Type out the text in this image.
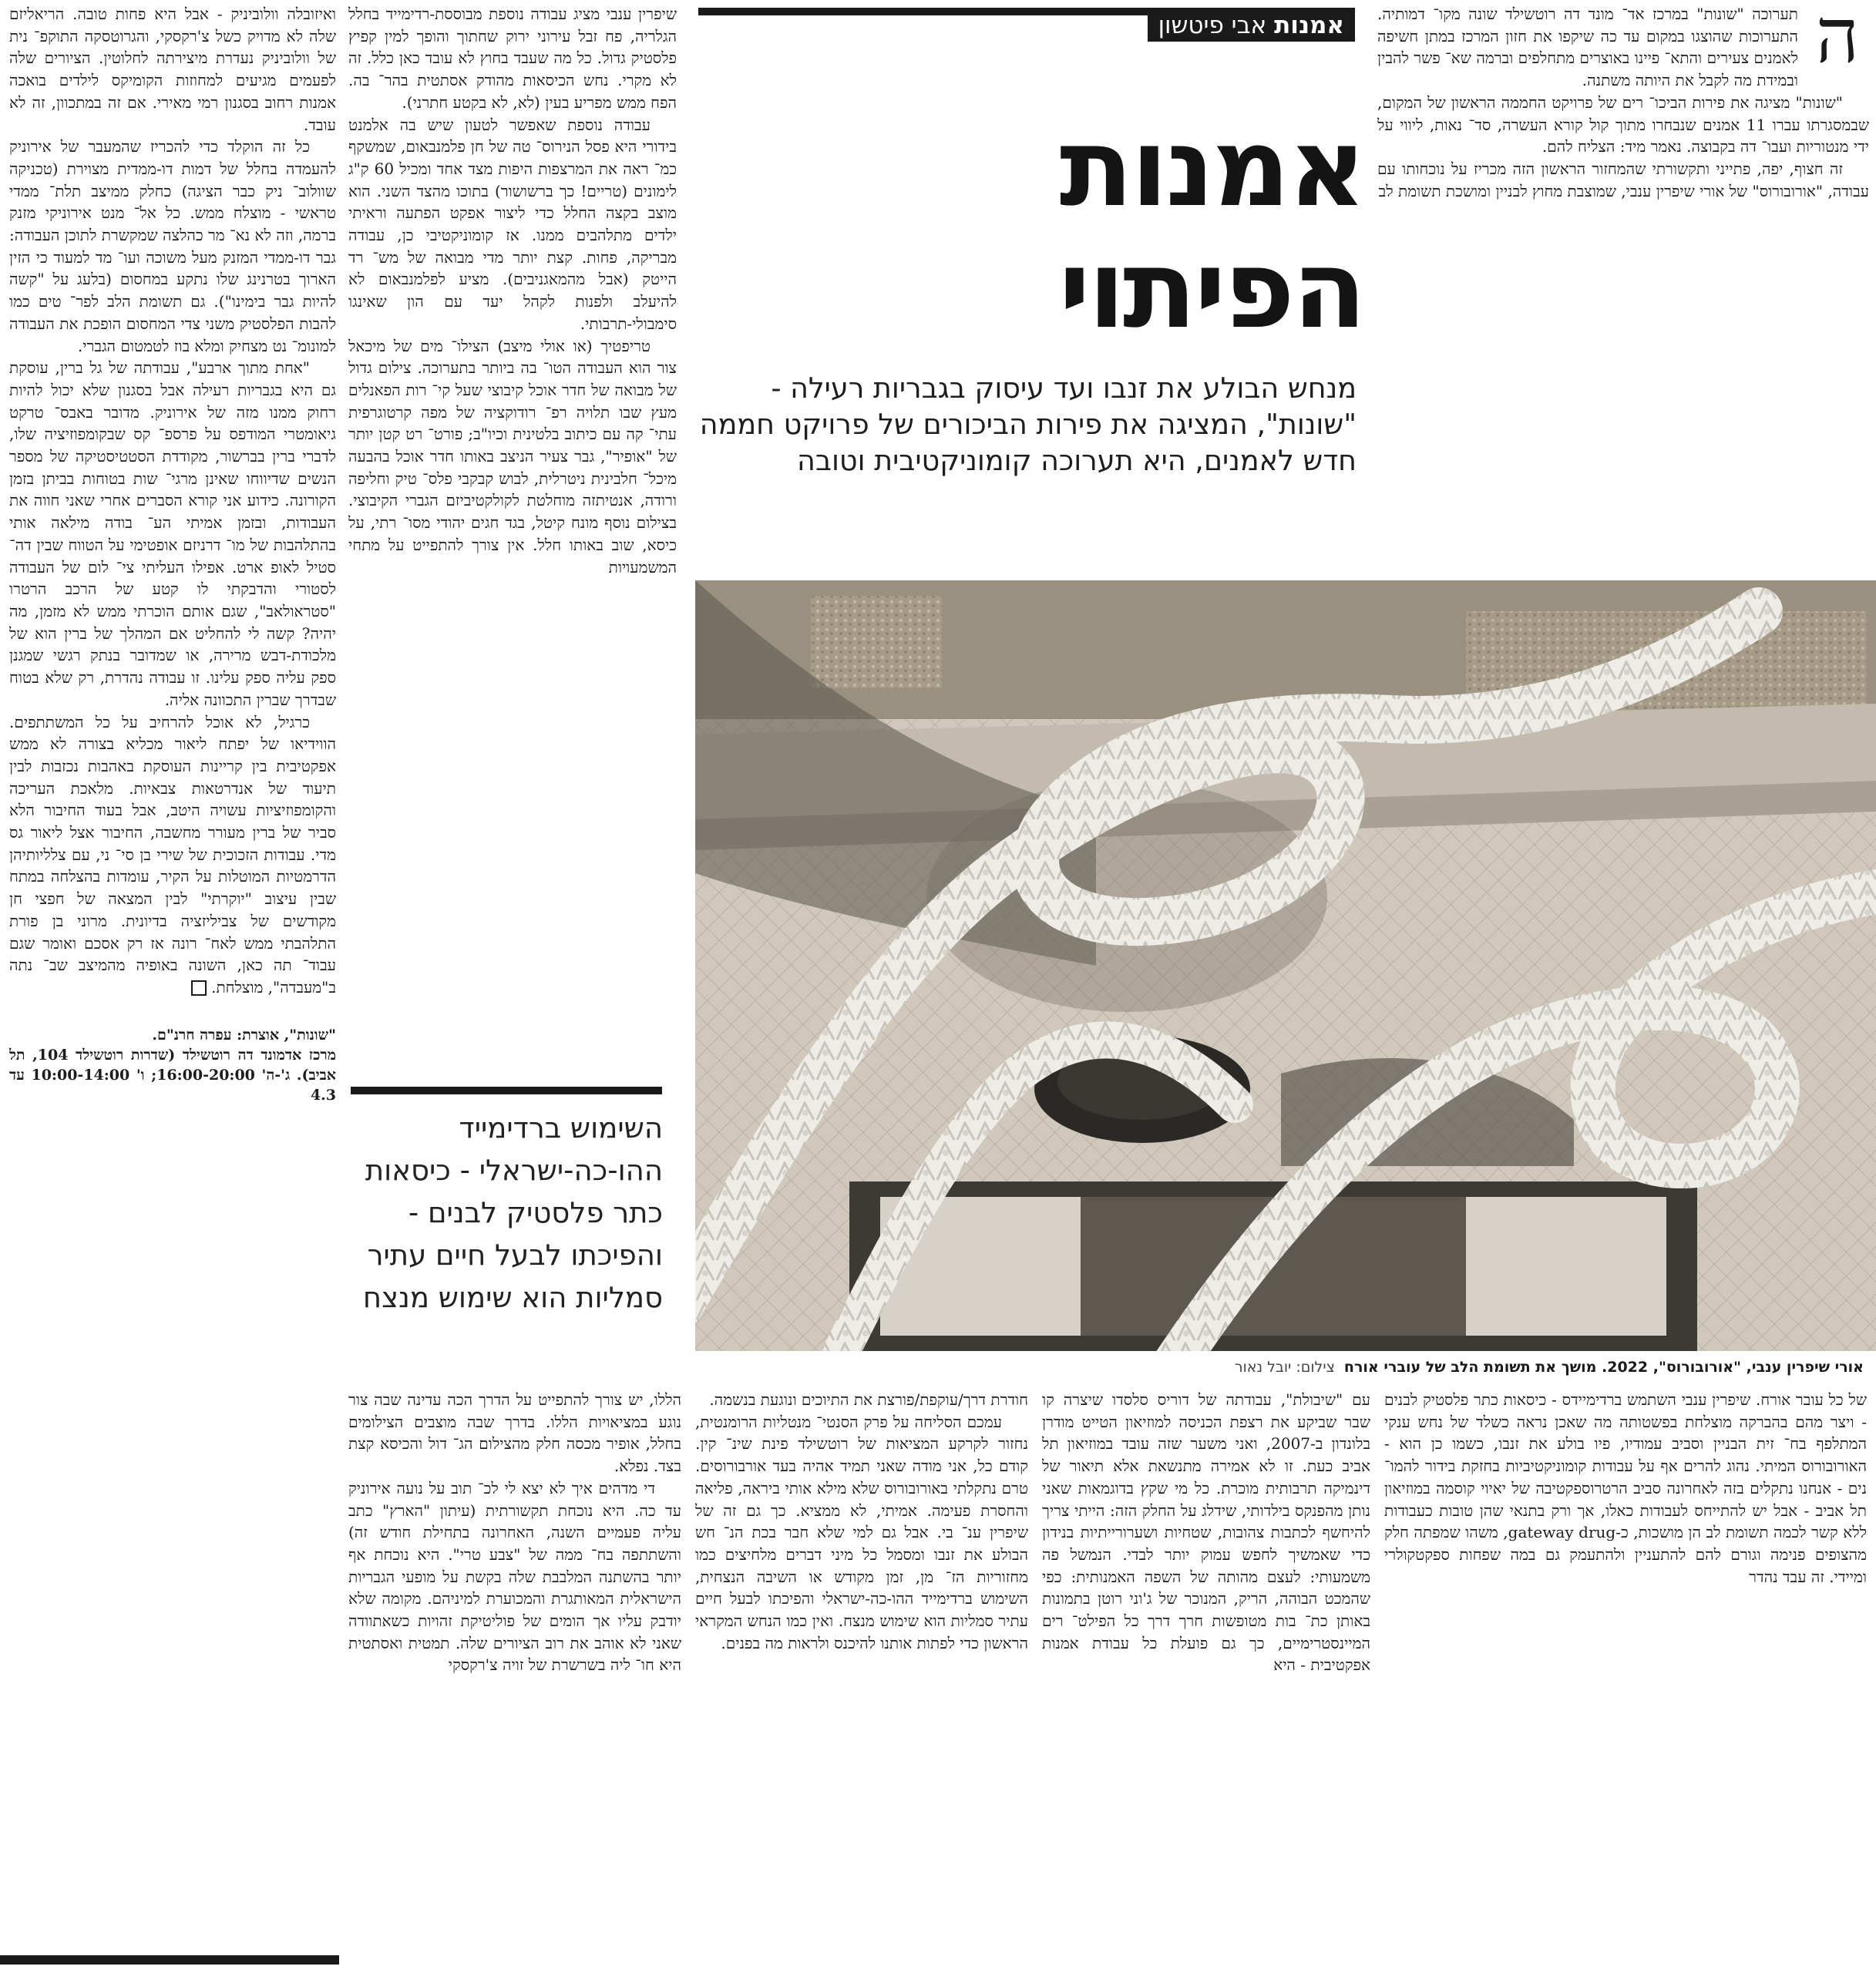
ה

תערוכה "שונות" במרכז אד־ מונד דה רוטשילד שונה מקו־ דמותיה. התערוכות שהוצגו במקום עד כה שיקפו את חזון המרכז במתן חשיפה לאמנים צעירים והתא־ פיינו באוצרים מתחלפים וברמה שא־ פשר להבין ובמידת מה לקבל את היותה משתנה.

"שונות" מציגה את פירות הביכו־ רים של פרויקט החממה הראשון של המקום, שבמסגרתו עברו 11 אמנים שנבחרו מתוך קול קורא העשרה, סד־ נאות, ליווי על ידי מנטוריות ועבו־ דה בקבוצה. נאמר מיד: הצליח להם.

זה חצוף, יפה, פתייני ותקשורתי שהמחזור הראשון הזה מכריז על נוכחותו עם עבודה, "אורובורוס" של אורי שיפרין ענבי, שמוצבת מחוץ לבניין ומושכת תשומת לב

אמנות אבי פיטשון
אמנות
הפיתוי
מנחש הבולע את זנבו ועד עיסוק בגבריות רעילה - "שונות", המציגה את פירות הביכורים של פרויקט חממה חדש לאמנים, היא תערוכה קומוניקטיבית וטובה

שיפרין ענבי מציג עבודה נוספת מבוססת-רדימייד בחלל הגלריה, פח זבל עירוני ירוק שחתוך והופך למין קפיץ פלסטיק גדול. כל מה שעבד בחוץ לא עובד כאן כלל. זה לא מקרי. נחש הכיסאות מהודק אסתטית בהר־ בה. הפח ממש מפריע בעין (לא, לא בקטע חתרני).

עבודה נוספת שאפשר לטעון שיש בה אלמנט בידורי היא פסל הנירוס־ טה של חן פלמנבאום, שמשקף כמ־ ראה את המרצפות היפות מצד אחד ומכיל 60 ק"ג לימונים (טריים! כך ברשושור) בתוכו מהצד השני. הוא מוצב בקצה החלל כדי ליצור אפקט הפתעה וראיתי ילדים מתלהבים ממנו. אז קומוניקטיבי כן, עבודה מבריקה, פחות. קצת יותר מדי מבואה של מש־ רד הייטק (אבל מהמאגניבים). מציע לפלמנבאום לא להיעלב ולפנות לקהל יעד עם הון שאינגו סימבולי-תרבותי.

טריפטיך (או אולי מיצב) הצילו־ מים של מיכאל צור הוא העבודה הטו־ בה ביותר בתערוכה. צילום גדול של מבואה של חדר אוכל קיבוצי שעל קי־ רות הפאנלים מעץ שבו תלויה רפ־ רודוקציה של מפה קרטוגרפית עתי־ קה עם כיתוב בלטינית וכיו"ב; פורט־ רט קטן יותר של "אופיר", גבר צעיר הניצב באותו חדר אוכל בהבעה מיכל־ חלבינית ניטרלית, לבוש קבקבי פלס־ טיק וחליפה ורודה, אנטיתזה מוחלטת לקולקטיביזם הגברי הקיבוצי. בצילום נוסף מונח קיטל, בגד חגים יהודי מסו־ רתי, על כיסא, שוב באותו חלל. אין צורך להתפייט על מתחי המשמעויות

ואיזובלה וולוביניק - אבל היא פחות טובה. הריאליזם שלה לא מדויק כשל צ'רקסקי, והגרוטסקה התוקפ־ נית של וולוביניק נעדרת מיצירתה לחלוטין. הציורים שלה לפעמים מגיעים למחוזות הקומיקס לילדים בואכה אמנות רחוב בסגנון רמי מאירי. אם זה במתכוון, זה לא עובד.

כל זה הוקלד כדי להכריז שהמעבר של אירוניק להעמדה בחלל של דמות דו-ממדית מצוירת (טכניקה שוולוב־ ניק כבר הציגה) כחלק ממיצב תלת־ ממדי טראשי - מוצלח ממש. כל אל־ מנט אירוניקי מזנק ברמה, וזה לא נא־ מר כהלצה שמקשרת לתוכן העבודה: גבר דו-ממדי המזנק מעל משוכה ועו־ מד למעוד כי הזין הארוך בטרנינג שלו נתקע במחסום (בלעג על "קשה להיות גבר בימינו"). גם תשומת הלב לפר־ טים כמו להבות הפלסטיק משני צדי המחסום הופכת את העבודה למונומ־ נט מצחיק ומלא בוז לטמטום הגברי.

"אחת מתוך ארבע", עבודתה של גל ברין, עוסקת גם היא בגבריות רעילה אבל בסגנון שלא יכול להיות רחוק ממנו מזה של אירוניק. מדובר באבס־ טרקט גיאומטרי המודפס על פרספ־ קס שבקומפוזיציה שלו, לדברי ברין בברשור, מקודדת הסטטיסטיקה של מספר הנשים שדיווחו שאינן מרגי־ שות בטוחות בביתן בזמן הקורונה. כידוע אני קורא הסברים אחרי שאני חווה את העבודות, ובזמן אמיתי הע־ בודה מילאה אותי בהתלהבות של מו־ דרניזם אופטימי על הטווח שבין דה־ סטיל לאופ ארט. אפילו העליתי צי־ לום של העבודה לסטורי והדבקתי לו קטע של הרכב הרטרו "סטראולאב", שגם אותם הוכרתי ממש לא מזמן, מה יהיה? קשה לי להחליט אם המהלך של ברין הוא של מלכודת-דבש מרירה, או שמדובר בנתק רגשי שמגנן ספק עליה ספק עלינו. זו עבודה נהדרת, רק שלא בטוח שבדרך שברין התכוונה אליה.

כרגיל, לא אוכל להרחיב על כל המשתתפים. הווידיאו של יפתח ליאור מכליא בצורה לא ממש אפקטיבית בין קריינות העוסקת באהבות נכזבות לבין תיעוד של אנדרטאות צבאיות. מלאכת העריכה והקומפוזיציות עשויה היטב, אבל בעוד החיבור הלא סביר של ברין מעורר מחשבה, החיבור אצל ליאור גס מדי. עבודות הזכוכית של שירי בן סי־ ני, עם צלליותיהן הדרמטיות המוטלות על הקיר, עומדות בהצלחה במתח שבין עיצוב "יוקרתי" לבין המצאה של חפצי חן מקודשים של צביליזציה בדיונית. מרוני בן פורת התלהבתי ממש לאח־ רונה אז רק אסכם ואומר שגם עבוד־ תה כאן, השונה באופיה מהמיצב שב־ נתה ב"מעבדה", מוצלחת.

"שונות", אוצרת: עפרה חרנ"ם.
מרכז אדמונד דה רוטשילד (שדרות רוטשילד 104, תל אביב). ג'-ה' 16:00-20:00; ו' 10:00-14:00 עד 4.3

השימוש ברדימייד ההו-כה-ישראלי - כיסאות כתר פלסטיק לבנים - והפיכתו לבעל חיים עתיר סמליות הוא שימוש מנצח
אורי שיפרין ענבי, "אורובורוס", 2022. מושך את תשומת הלב של עוברי אורח צילום: יובל נאור

של כל עובר אורח. שיפרין ענבי השתמש ברדימיידס - כיסאות כתר פלסטיק לבנים - ויצר מהם בהברקה מוצלחת בפשטותה מה שאכן נראה כשלד של נחש ענקי המתלפף בח־ זית הבניין וסביב עמודיו, פיו בולע את זנבו, כשמו כן הוא - האורובורוס המיתי. נהוג להרים אף על עבודות קומוניקטיביות בחזקת בידור להמו־ נים - אנחנו נתקלים בזה לאחרונה סביב הרטרוספקטיבה של יאיוי קוסמה במוזיאון תל אביב - אבל יש להתייחס לעבודות כאלו, אך ורק בתנאי שהן טובות כעבודות ללא קשר לכמה תשומת לב הן מושכות, כ-gateway drug, משהו שמפתה חלק מהצופים פנימה וגורם להם להתעניין ולהתעמק גם במה שפחות ספקטקולרי ומיידי. זה עבד נהדר

עם "שיבולת", עבודתה של דוריס סלסדו שיצרה קו שבר שביקע את רצפת הכניסה למוזיאון הטייט מודרן בלונדון ב-2007, ואני משער שזה עובד במוזיאון תל אביב כעת. זו לא אמירה מתנשאת אלא תיאור של דינמיקה תרבותית מוכרת. כל מי שקץ בדוגמאות שאני נותן מהפנקס בילדותי, שידלג על החלק הזה: הייתי צריך להיחשף לכתבות צהובות, שטחיות ושערורייתיות בנידון כדי שאמשיך לחפש עמוק יותר לבדי. הנמשל פה משמעותי: לעצם מהותה של השפה האמנותית: כפי שהמכט הבוהה, הריק, המנוכר של ג'וני רוטן בתמונות באותן כת־ בות מטופשות חרך דרך כל הפילט־ רים המיינסטרימיים, כך גם פועלת כל עבודת אמנות אפקטיבית - היא

חודרת דרך/עוקפת/פורצת את התיוכים ונוגעת בנשמה.

עמכם הסליחה על פרק הסנטי־ מנטליות הרומנטית, נחזור לקרקע המציאות של רוטשילד פינת שינ־ קין. קודם כל, אני מודה שאני תמיד אהיה בעד אורבורוסים. טרם נתקלתי באורובורוס שלא מילא אותי ביראה, פליאה והחסרת פעימה. אמיתי, לא ממציא. כך גם זה של שיפרין ענ־ בי. אבל גם למי שלא חבר בכת הנ־ חש הבולע את זנבו ומסמל כל מיני דברים מלחיצים כמו מחזוריות הז־ מן, זמן מקודש או השיבה הנצחית, השימוש ברדימייד ההו-כה-ישראלי והפיכתו לבעל חיים עתיר סמליות הוא שימוש מנצח. ואין כמו הנחש המקראי הראשון כדי לפתות אותנו להיכנס ולראות מה בפנים.

הללו, יש צורך להתפייט על הדרך הכה עדינה שבה צור נוגע במציאויות הללו. בדרך שבה מוצבים הצילומים בחלל, אופיר מכסה חלק מהצילום הג־ דול והכיסא קצת בצד. נפלא.

די מדהים איך לא יצא לי לכ־ תוב על נועה אירוניק עד כה. היא נוכחת תקשורתית (עיתון "הארץ" כתב עליה פעמיים השנה, האחרונה בתחילת חודש זה) והשתתפה בח־ ממה של "צבע טרי". היא נוכחת אף יותר בהשתנה המלבבת שלה בקשת על מופעי הגבריות הישראלית המאותגרת והמכוערת למיניהם. מקומה שלא יודבק עליו אך הומים של פוליטיקת זהויות כשאתוודה שאני לא אוהב את רוב הציורים שלה. תמטית ואסתטית היא חו־ ליה בשרשרת של זויה צ'רקסקי
